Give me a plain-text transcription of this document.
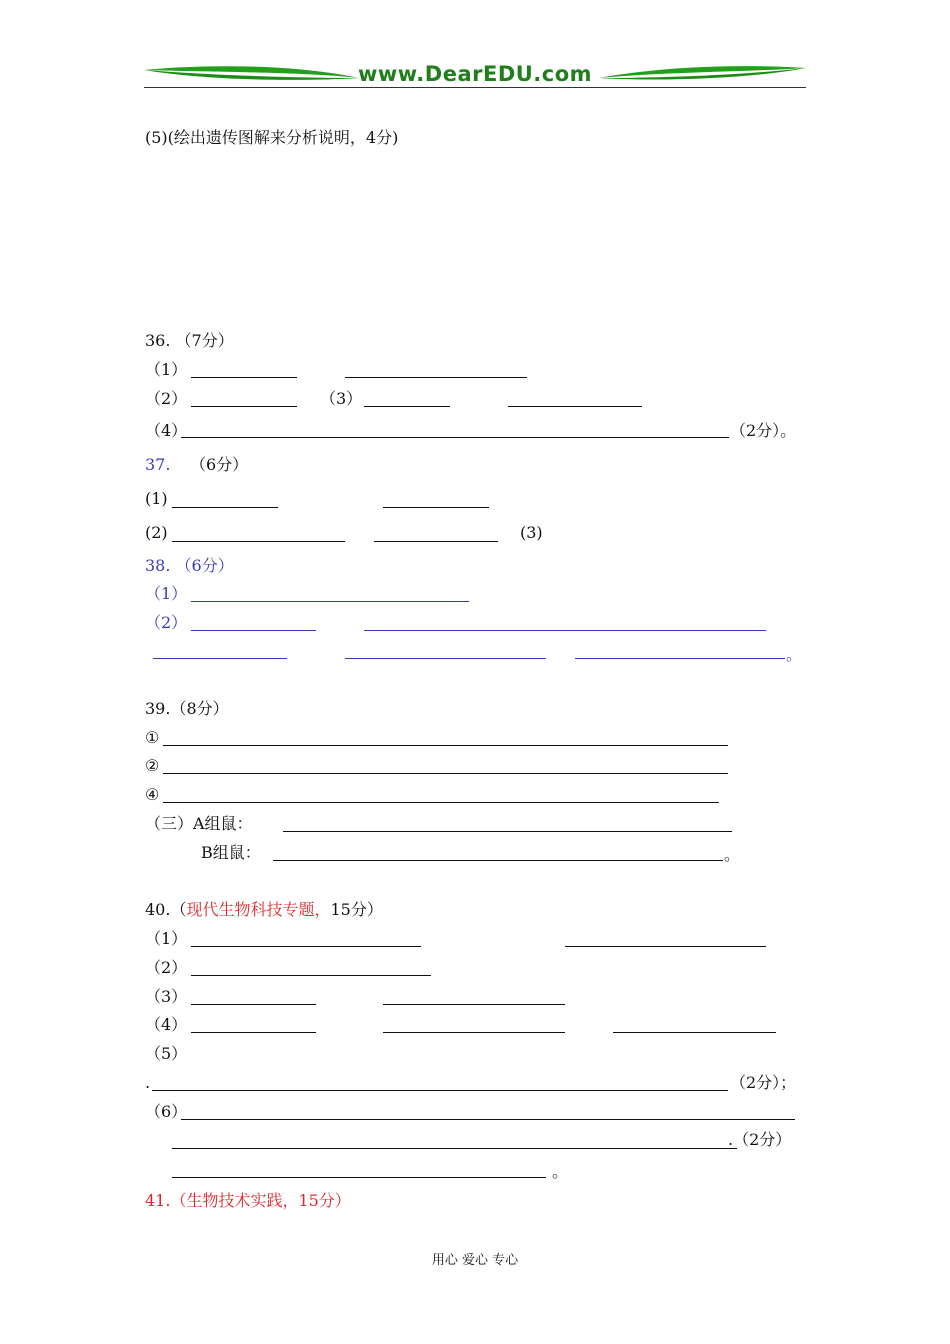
www.DearEDU.com
(5)(绘出遗传图解来分析说明，4分)
36. （7分）
（1）
（2）	（3）
（4）	（2分）。
37. （6分）
(1)
(2)	(3)
38. （6分）
（1）
（2）
。
39.（8分）
①
②
④
（三）A组鼠：
B组鼠：	。
40.（现代生物科技专题，15分）
（1）
（2）
（3）
（4）
（5）
.	（2分）；
（6）
.（2分）
。
41.（生物技术实践，15分）
用心 爱心 专心
